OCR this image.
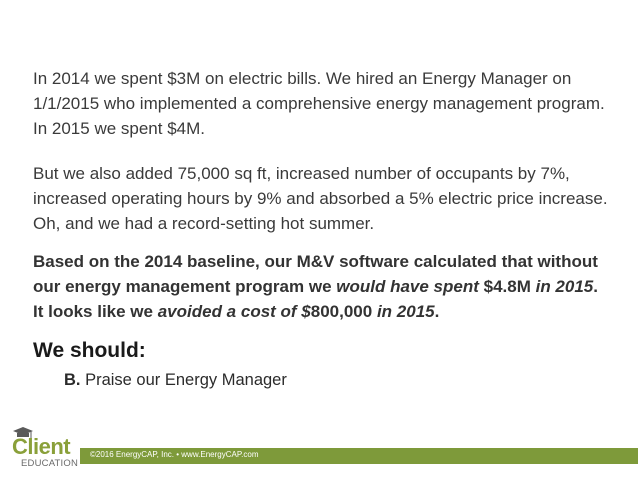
In 2014 we spent $3M on electric bills. We hired an Energy Manager on 1/1/2015 who implemented a comprehensive energy management program. In 2015 we spent $4M.

But we also added 75,000 sq ft, increased number of occupants by 7%, increased operating hours by 9% and absorbed a 5% electric price increase. Oh, and we had a record-setting hot summer.

Based on the 2014 baseline, our M&V software calculated that without our energy management program we would have spent $4.8M in 2015. It looks like we avoided a cost of $800,000 in 2015.

We should:

B. Praise our Energy Manager

Client
EDUCATION
©2016 EnergyCAP, Inc. • www.EnergyCAP.com
